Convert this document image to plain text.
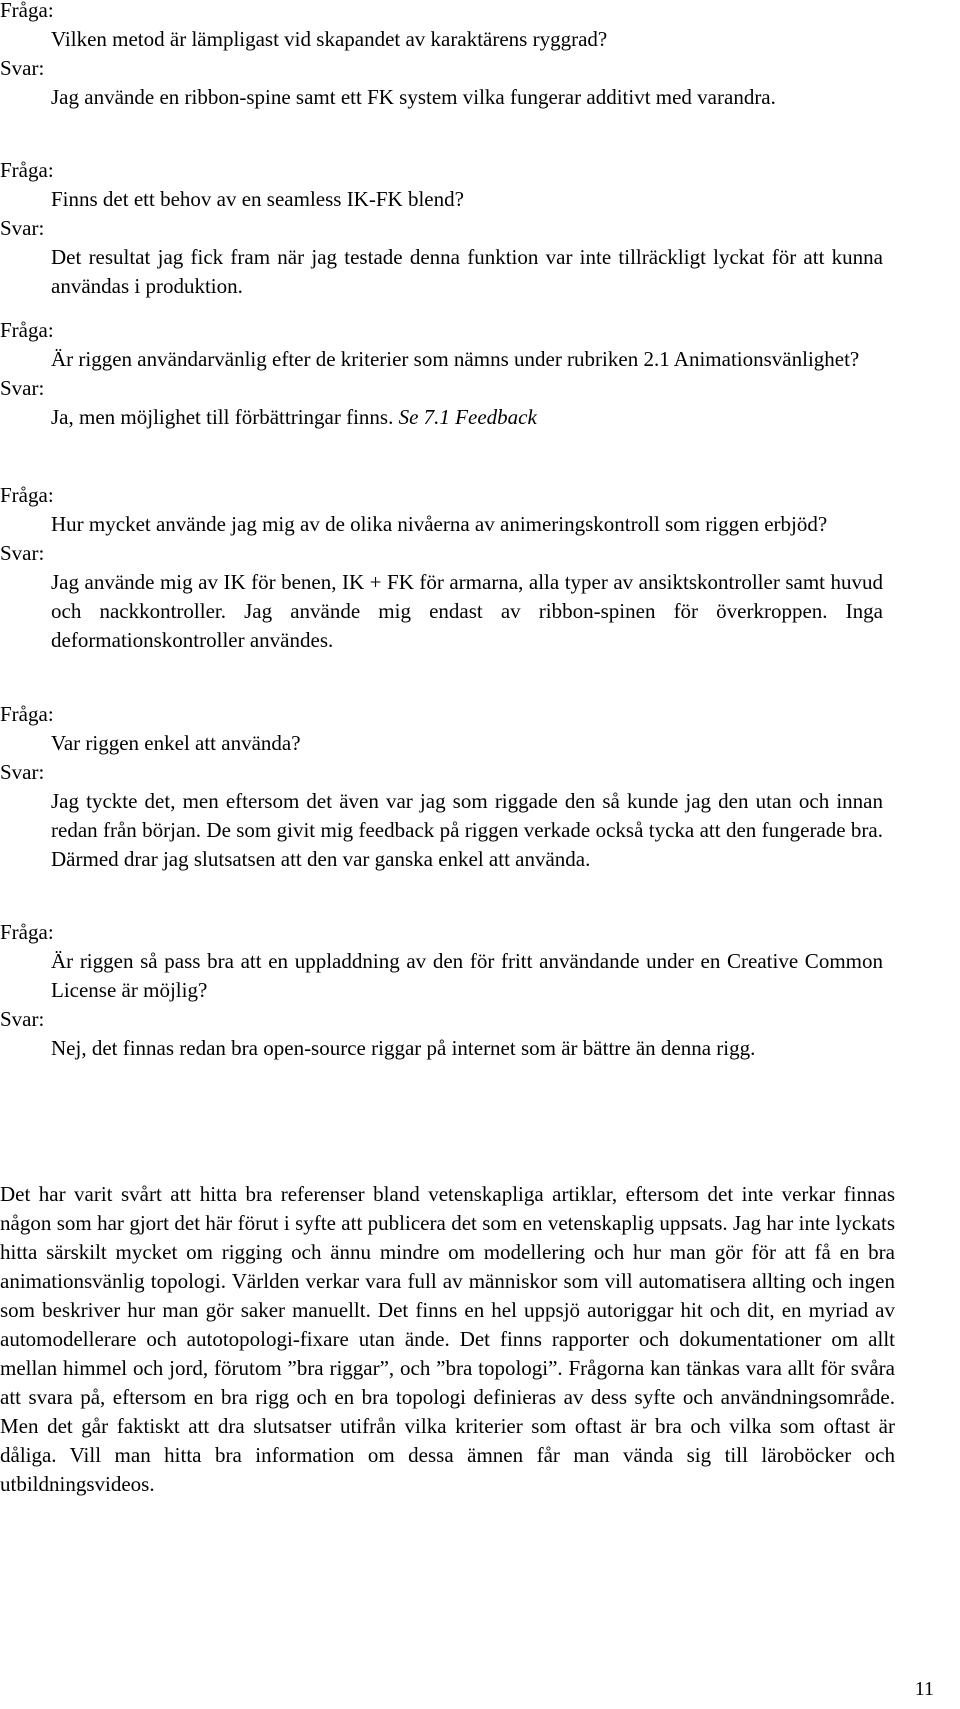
Fråga:
Vilken metod är lämpligast vid skapandet av karaktärens ryggrad?
Svar:
Jag använde en ribbon-spine samt ett FK system vilka fungerar additivt med varandra.
Fråga:
Finns det ett behov av en seamless IK-FK blend?
Svar:
Det resultat jag fick fram när jag testade denna funktion var inte tillräckligt lyckat för att kunna användas i produktion.
Fråga:
Är riggen användarvänlig efter de kriterier som nämns under rubriken 2.1 Animationsvänlighet?
Svar:
Ja, men möjlighet till förbättringar finns. Se 7.1 Feedback
Fråga:
Hur mycket använde jag mig av de olika nivåerna av animeringskontroll som riggen erbjöd?
Svar:
Jag använde mig av IK för benen, IK + FK för armarna, alla typer av ansiktskontroller samt huvud och nackkontroller. Jag använde mig endast av ribbon-spinen för överkroppen. Inga deformationskontroller användes.
Fråga:
Var riggen enkel att använda?
Svar:
Jag tyckte det, men eftersom det även var jag som riggade den så kunde jag den utan och innan redan från början. De som givit mig feedback på riggen verkade också tycka att den fungerade bra. Därmed drar jag slutsatsen att den var ganska enkel att använda.
Fråga:
Är riggen så pass bra att en uppladdning av den för fritt användande under en Creative Common License är möjlig?
Svar:
Nej, det finnas redan bra open-source riggar på internet som är bättre än denna rigg.
Det har varit svårt att hitta bra referenser bland vetenskapliga artiklar, eftersom det inte verkar finnas någon som har gjort det här förut i syfte att publicera det som en vetenskaplig uppsats. Jag har inte lyckats hitta särskilt mycket om rigging och ännu mindre om modellering och hur man gör för att få en bra animationsvänlig topologi. Världen verkar vara full av människor som vill automatisera allting och ingen som beskriver hur man gör saker manuellt. Det finns en hel uppsjö autoriggar hit och dit, en myriad av automodellerare och autotopologi-fixare utan ände. Det finns rapporter och dokumentationer om allt mellan himmel och jord, förutom ”bra riggar”, och ”bra topologi”. Frågorna kan tänkas vara allt för svåra att svara på, eftersom en bra rigg och en bra topologi definieras av dess syfte och användningsområde. Men det går faktiskt att dra slutsatser utifrån vilka kriterier som oftast är bra och vilka som oftast är dåliga. Vill man hitta bra information om dessa ämnen får man vända sig till läroböcker och utbildningsvideos.
11
